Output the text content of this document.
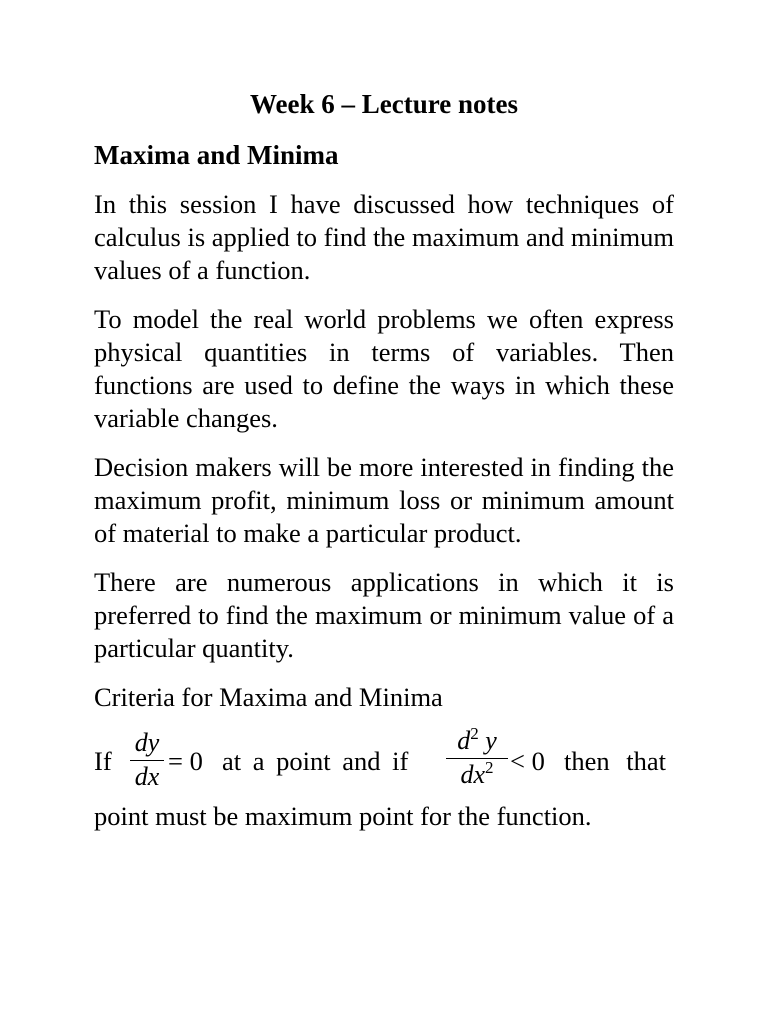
Week 6 – Lecture notes
Maxima and Minima

In this session I have discussed how techniques of calculus is applied to find the maximum and minimum values of a function.

To model the real world problems we often express physical quantities in terms of variables. Then functions are used to define the ways in which these variable changes.

Decision makers will be more interested in finding the maximum profit, minimum loss or minimum amount of material to make a particular product.

There are numerous applications in which it is preferred to find the maximum or minimum value of a particular quantity.

Criteria for Maxima and Minima
If $\frac{dy}{dx} = 0$ at a point and if $\frac{d^2 y}{dx^2} < 0$ then that
point must be maximum point for the function.
